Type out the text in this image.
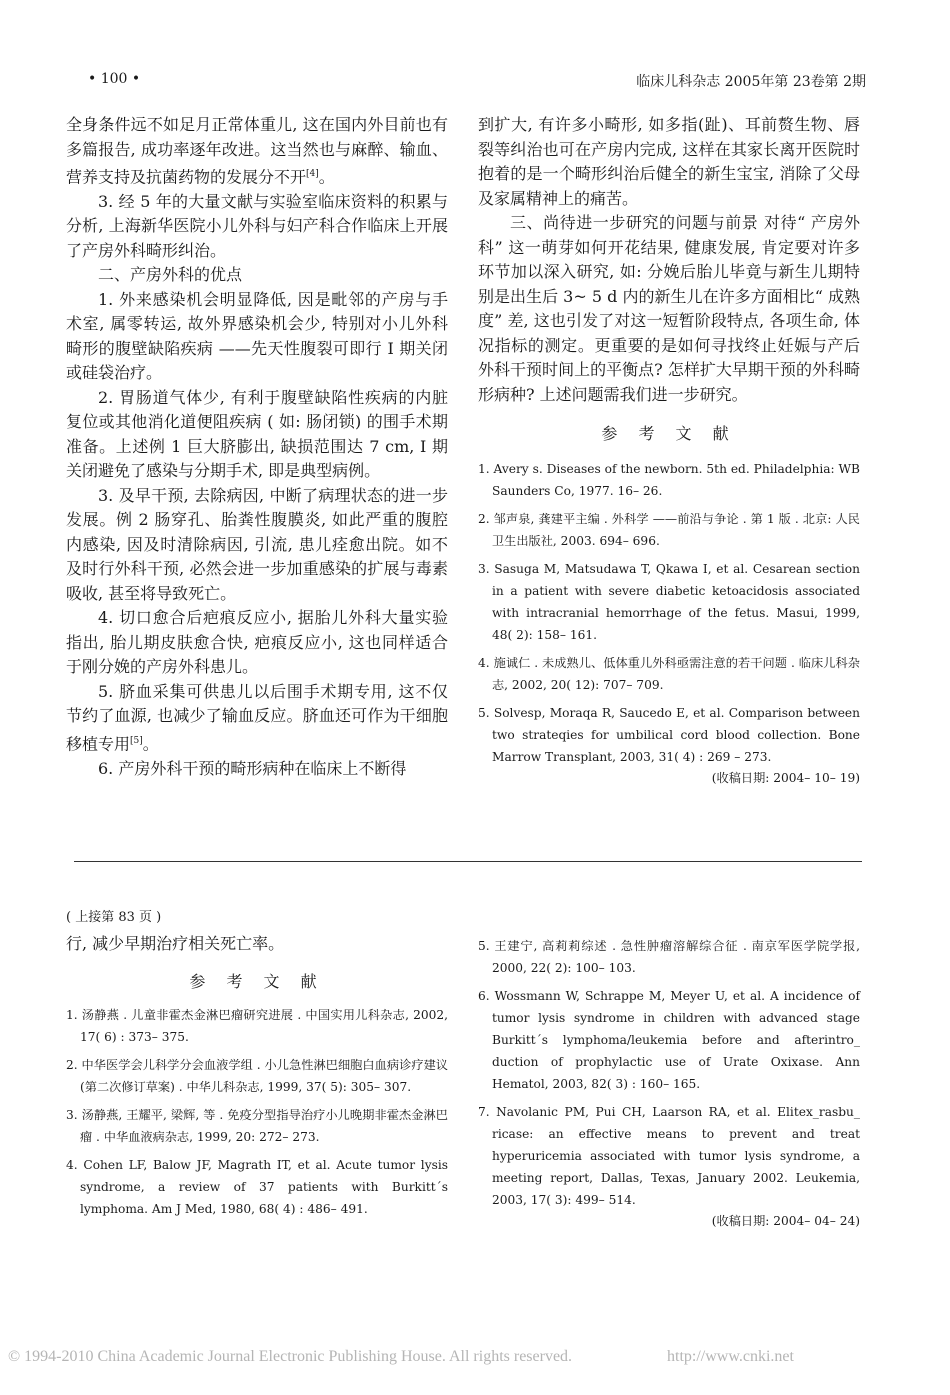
• 100 •	临床儿科杂志 2005年第 23卷第 2期

全身条件远不如足月正常体重儿, 这在国内外目前也有多篇报告, 成功率逐年改进。这当然也与麻醉、输血、营养支持及抗菌药物的发展分不开[4]。

3. 经 5 年的大量文献与实验室临床资料的积累与分析, 上海新华医院小儿外科与妇产科合作临床上开展了产房外科畸形纠治。

二、产房外科的优点

1. 外来感染机会明显降低, 因是毗邻的产房与手术室, 属零转运, 故外界感染机会少, 特别对小儿外科畸形的腹壁缺陷疾病 ——先天性腹裂可即行 I 期关闭或硅袋治疗。

2. 胃肠道气体少, 有利于腹壁缺陷性疾病的内脏复位或其他消化道便阻疾病 ( 如: 肠闭锁) 的围手术期准备。上述例 1 巨大脐膨出, 缺损范围达 7 cm, I 期关闭避免了感染与分期手术, 即是典型病例。

3. 及早干预, 去除病因, 中断了病理状态的进一步发展。例 2 肠穿孔、胎粪性腹膜炎, 如此严重的腹腔内感染, 因及时清除病因, 引流, 患儿痊愈出院。如不及时行外科干预, 必然会进一步加重感染的扩展与毒素吸收, 甚至将导致死亡。

4. 切口愈合后疤痕反应小, 据胎儿外科大量实验指出, 胎儿期皮肤愈合快, 疤痕反应小, 这也同样适合于刚分娩的产房外科患儿。

5. 脐血采集可供患儿以后围手术期专用, 这不仅节约了血源, 也减少了输血反应。脐血还可作为干细胞移植专用[5]。

6. 产房外科干预的畸形病种在临床上不断得

到扩大, 有许多小畸形, 如多指(趾)、耳前赘生物、唇裂等纠治也可在产房内完成, 这样在其家长离开医院时抱着的是一个畸形纠治后健全的新生宝宝, 消除了父母及家属精神上的痛苦。

三、尚待进一步研究的问题与前景 对待“ 产房外科” 这一萌芽如何开花结果, 健康发展, 肯定要对许多环节加以深入研究, 如: 分娩后胎儿毕竟与新生儿期特别是出生后 3~ 5 d 内的新生儿在许多方面相比“ 成熟度” 差, 这也引发了对这一短暂阶段特点, 各项生命, 体况指标的测定。更重要的是如何寻找终止妊娠与产后外科干预时间上的平衡点? 怎样扩大早期干预的外科畸形病种? 上述问题需我们进一步研究。

参 考 文 献

1. Avery s. Diseases of the newborn. 5th ed. Philadelphia: WB Saunders Co, 1977. 16– 26.

2. 邹声泉, 龚建平主编 . 外科学 ——前沿与争论 . 第 1 版 . 北京: 人民卫生出版社, 2003. 694– 696.

3. Sasuga M, Matsudawa T, Qkawa I, et al. Cesarean section in a patient with severe diabetic ketoacidosis associated with intracranial hemorrhage of the fetus. Masui, 1999, 48( 2): 158– 161.

4. 施诚仁 . 未成熟儿、低体重儿外科亟需注意的若干问题 . 临床儿科杂志, 2002, 20( 12): 707– 709.

5. Solvesp, Moraqa R, Saucedo E, et al. Comparison between two strateqies for umbilical cord blood collection. Bone Marrow Transplant, 2003, 31( 4) : 269 – 273.

(收稿日期: 2004– 10– 19)
( 上接第 83 页 )

行, 减少早期治疗相关死亡率。

参 考 文 献

1. 汤静燕 . 儿童非霍杰金淋巴瘤研究进展 . 中国实用儿科杂志, 2002, 17( 6) : 373– 375.

2. 中华医学会儿科学分会血液学组 . 小儿急性淋巴细胞白血病诊疗建议 (第二次修订草案) . 中华儿科杂志, 1999, 37( 5): 305– 307.

3. 汤静燕, 王耀平, 梁辉, 等 . 免疫分型指导治疗小儿晚期非霍杰金淋巴瘤 . 中华血液病杂志, 1999, 20: 272– 273.

4. Cohen LF, Balow JF, Magrath IT, et al. Acute tumor lysis syndrome, a review of 37 patients with Burkitt´s lymphoma. Am J Med, 1980, 68( 4) : 486– 491.

5. 王建宁, 高莉莉综述 . 急性肿瘤溶解综合征 . 南京军医学院学报, 2000, 22( 2): 100– 103.

6. Wossmann W, Schrappe M, Meyer U, et al. A incidence of tumor lysis syndrome in children with advanced stage Burkitt´s lymphoma/leukemia before and afterintro_ duction of prophylactic use of Urate Oxixase. Ann Hematol, 2003, 82( 3) : 160– 165.

7. Navolanic PM, Pui CH, Laarson RA, et al. Elitex_rasbu_ ricase: an effective means to prevent and treat hyperuricemia associated with tumor lysis syndrome, a meeting report, Dallas, Texas, January 2002. Leukemia, 2003, 17( 3): 499– 514.

(收稿日期: 2004– 04– 24)
© 1994-2010 China Academic Journal Electronic Publishing House. All rights reserved.	http://www.cnki.net
